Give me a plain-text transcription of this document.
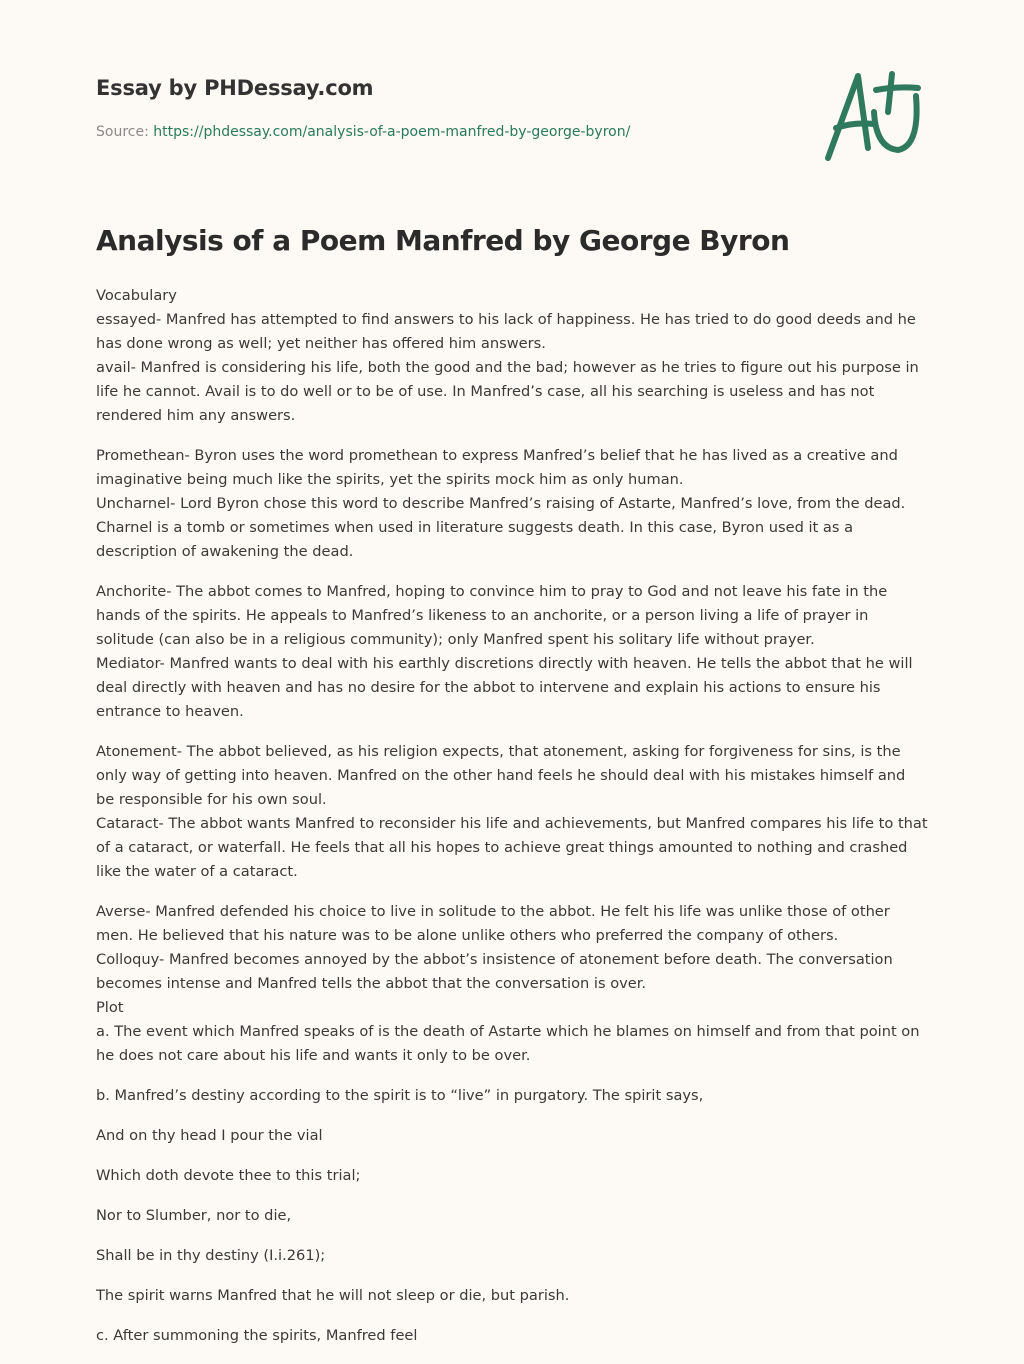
Essay by PHDessay.com
Source: https://phdessay.com/analysis-of-a-poem-manfred-by-george-byron/
Analysis of a Poem Manfred by George Byron

Vocabulary
essayed- Manfred has attempted to find answers to his lack of happiness. He has tried to do good deeds and he has done wrong as well; yet neither has offered him answers.
avail- Manfred is considering his life, both the good and the bad; however as he tries to figure out his purpose in life he cannot. Avail is to do well or to be of use. In Manfred’s case, all his searching is useless and has not rendered him any answers.

Promethean- Byron uses the word promethean to express Manfred’s belief that he has lived as a creative and imaginative being much like the spirits, yet the spirits mock him as only human.
Uncharnel- Lord Byron chose this word to describe Manfred’s raising of Astarte, Manfred’s love, from the dead. Charnel is a tomb or sometimes when used in literature suggests death. In this case, Byron used it as a description of awakening the dead.

Anchorite- The abbot comes to Manfred, hoping to convince him to pray to God and not leave his fate in the hands of the spirits. He appeals to Manfred’s likeness to an anchorite, or a person living a life of prayer in solitude (can also be in a religious community); only Manfred spent his solitary life without prayer.
Mediator- Manfred wants to deal with his earthly discretions directly with heaven. He tells the abbot that he will deal directly with heaven and has no desire for the abbot to intervene and explain his actions to ensure his entrance to heaven.

Atonement- The abbot believed, as his religion expects, that atonement, asking for forgiveness for sins, is the only way of getting into heaven. Manfred on the other hand feels he should deal with his mistakes himself and be responsible for his own soul.
Cataract- The abbot wants Manfred to reconsider his life and achievements, but Manfred compares his life to that of a cataract, or waterfall. He feels that all his hopes to achieve great things amounted to nothing and crashed like the water of a cataract.

Averse- Manfred defended his choice to live in solitude to the abbot. He felt his life was unlike those of other men. He believed that his nature was to be alone unlike others who preferred the company of others.
Colloquy- Manfred becomes annoyed by the abbot’s insistence of atonement before death. The conversation becomes intense and Manfred tells the abbot that the conversation is over.
Plot
a. The event which Manfred speaks of is the death of Astarte which he blames on himself and from that point on he does not care about his life and wants it only to be over.

b. Manfred’s destiny according to the spirit is to “live” in purgatory. The spirit says,

And on thy head I pour the vial

Which doth devote thee to this trial;

Nor to Slumber, nor to die,

Shall be in thy destiny (I.i.261);

The spirit warns Manfred that he will not sleep or die, but parish.

c. After summoning the spirits, Manfred feel
